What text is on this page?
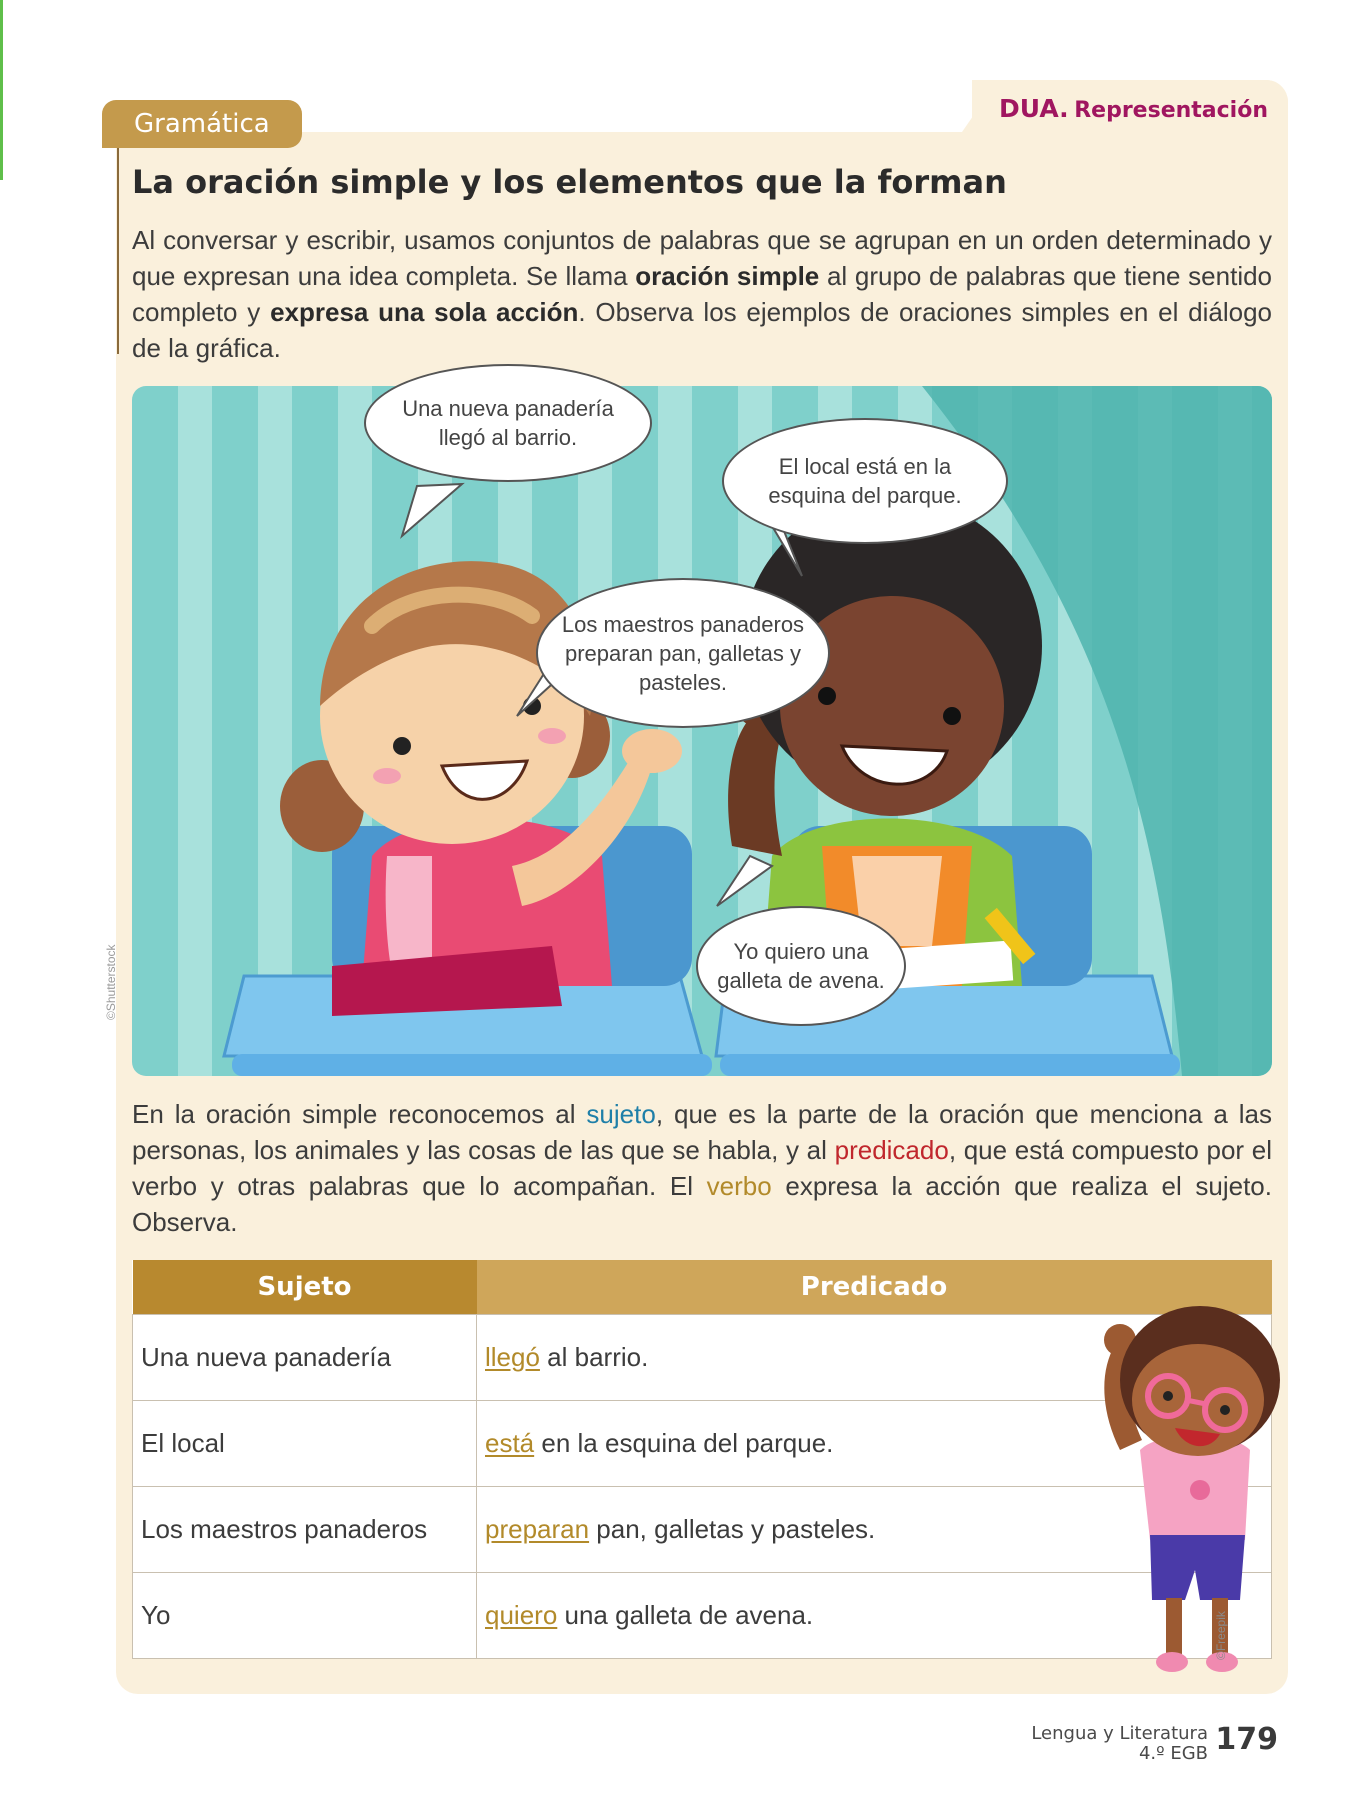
DUA. Representación
Gramática
La oración simple y los elementos que la forman

Al conversar y escribir, usamos conjuntos de palabras que se agrupan en un orden determinado y que expresan una idea completa. Se llama oración simple al grupo de palabras que tiene sentido completo y expresa una sola acción. Observa los ejemplos de oraciones simples en el diálogo de la gráfica.

©Shutterstock
Una nueva panadería llegó al barrio.
El local está en la esquina del parque.
Los maestros panaderos preparan pan, galletas y pasteles.
Yo quiero una galleta de avena.

En la oración simple reconocemos al sujeto, que es la parte de la oración que menciona a las personas, los animales y las cosas de las que se habla, y al predicado, que está compuesto por el verbo y otras palabras que lo acompañan. El verbo expresa la acción que realiza el sujeto. Observa.

Sujeto	Predicado
Una nueva panadería	llegó al barrio.
El local	está en la esquina del parque.
Los maestros panaderos	preparan pan, galletas y pasteles.
Yo	quiero una galleta de avena.	©Freepik
Lengua y Literatura
4.º EGB 179
